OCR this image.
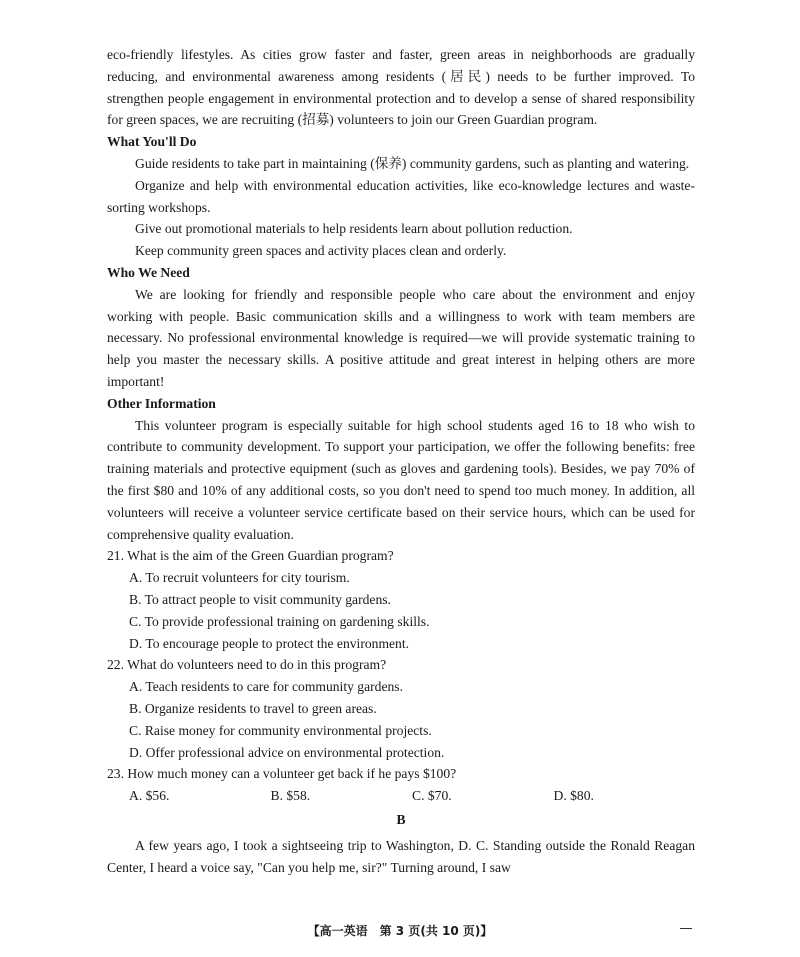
eco-friendly lifestyles. As cities grow faster and faster, green areas in neighborhoods are gradually reducing, and environmental awareness among residents (居民) needs to be further improved. To strengthen people engagement in environmental protection and to develop a sense of shared responsibility for green spaces, we are recruiting (招募) volunteers to join our Green Guardian program.

What You'll Do

Guide residents to take part in maintaining (保养) community gardens, such as planting and watering.

Organize and help with environmental education activities, like eco-knowledge lectures and waste-sorting workshops.

Give out promotional materials to help residents learn about pollution reduction.

Keep community green spaces and activity places clean and orderly.

Who We Need

We are looking for friendly and responsible people who care about the environment and enjoy working with people. Basic communication skills and a willingness to work with team members are necessary. No professional environmental knowledge is required—we will provide systematic training to help you master the necessary skills. A positive attitude and great interest in helping others are more important!

Other Information

This volunteer program is especially suitable for high school students aged 16 to 18 who wish to contribute to community development. To support your participation, we offer the following benefits: free training materials and protective equipment (such as gloves and gardening tools). Besides, we pay 70% of the first $80 and 10% of any additional costs, so you don't need to spend too much money. In addition, all volunteers will receive a volunteer service certificate based on their service hours, which can be used for comprehensive quality evaluation.

21. What is the aim of the Green Guardian program?
A. To recruit volunteers for city tourism.
B. To attract people to visit community gardens.
C. To provide professional training on gardening skills.
D. To encourage people to protect the environment.
22. What do volunteers need to do in this program?
A. Teach residents to care for community gardens.
B. Organize residents to travel to green areas.
C. Raise money for community environmental projects.
D. Offer professional advice on environmental protection.
23. How much money can a volunteer get back if he pays $100?
A. $56.	B. $58.	C. $70.	D. $80.
B

A few years ago, I took a sightseeing trip to Washington, D. C. Standing outside the Ronald Reagan Center, I heard a voice say, "Can you help me, sir?" Turning around, I saw

【高一英语　第 3 页(共 10 页)】
